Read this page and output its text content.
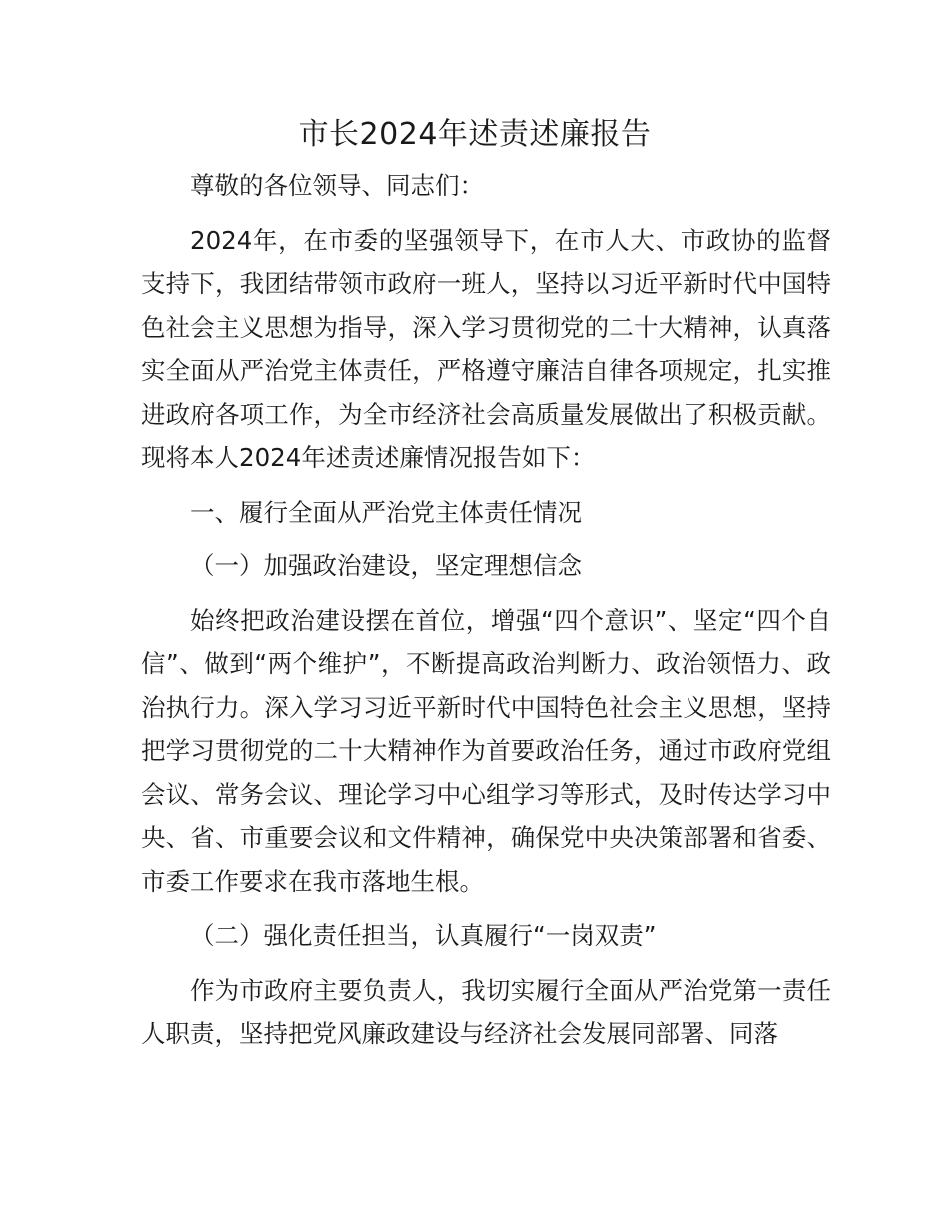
市长2024年述责述廉报告

尊敬的各位领导、同志们：

2024年，在市委的坚强领导下，在市人大、市政协的监督支持下，我团结带领市政府一班人，坚持以习近平新时代中国特色社会主义思想为指导，深入学习贯彻党的二十大精神，认真落实全面从严治党主体责任，严格遵守廉洁自律各项规定，扎实推进政府各项工作，为全市经济社会高质量发展做出了积极贡献。现将本人2024年述责述廉情况报告如下：

一、履行全面从严治党主体责任情况

（一）加强政治建设，坚定理想信念

始终把政治建设摆在首位，增强“四个意识”、坚定“四个自信”、做到“两个维护”，不断提高政治判断力、政治领悟力、政治执行力。深入学习习近平新时代中国特色社会主义思想，坚持把学习贯彻党的二十大精神作为首要政治任务，通过市政府党组会议、常务会议、理论学习中心组学习等形式，及时传达学习中央、省、市重要会议和文件精神，确保党中央决策部署和省委、市委工作要求在我市落地生根。

（二）强化责任担当，认真履行“一岗双责”

作为市政府主要负责人，我切实履行全面从严治党第一责任人职责，坚持把党风廉政建设与经济社会发展同部署、同落
